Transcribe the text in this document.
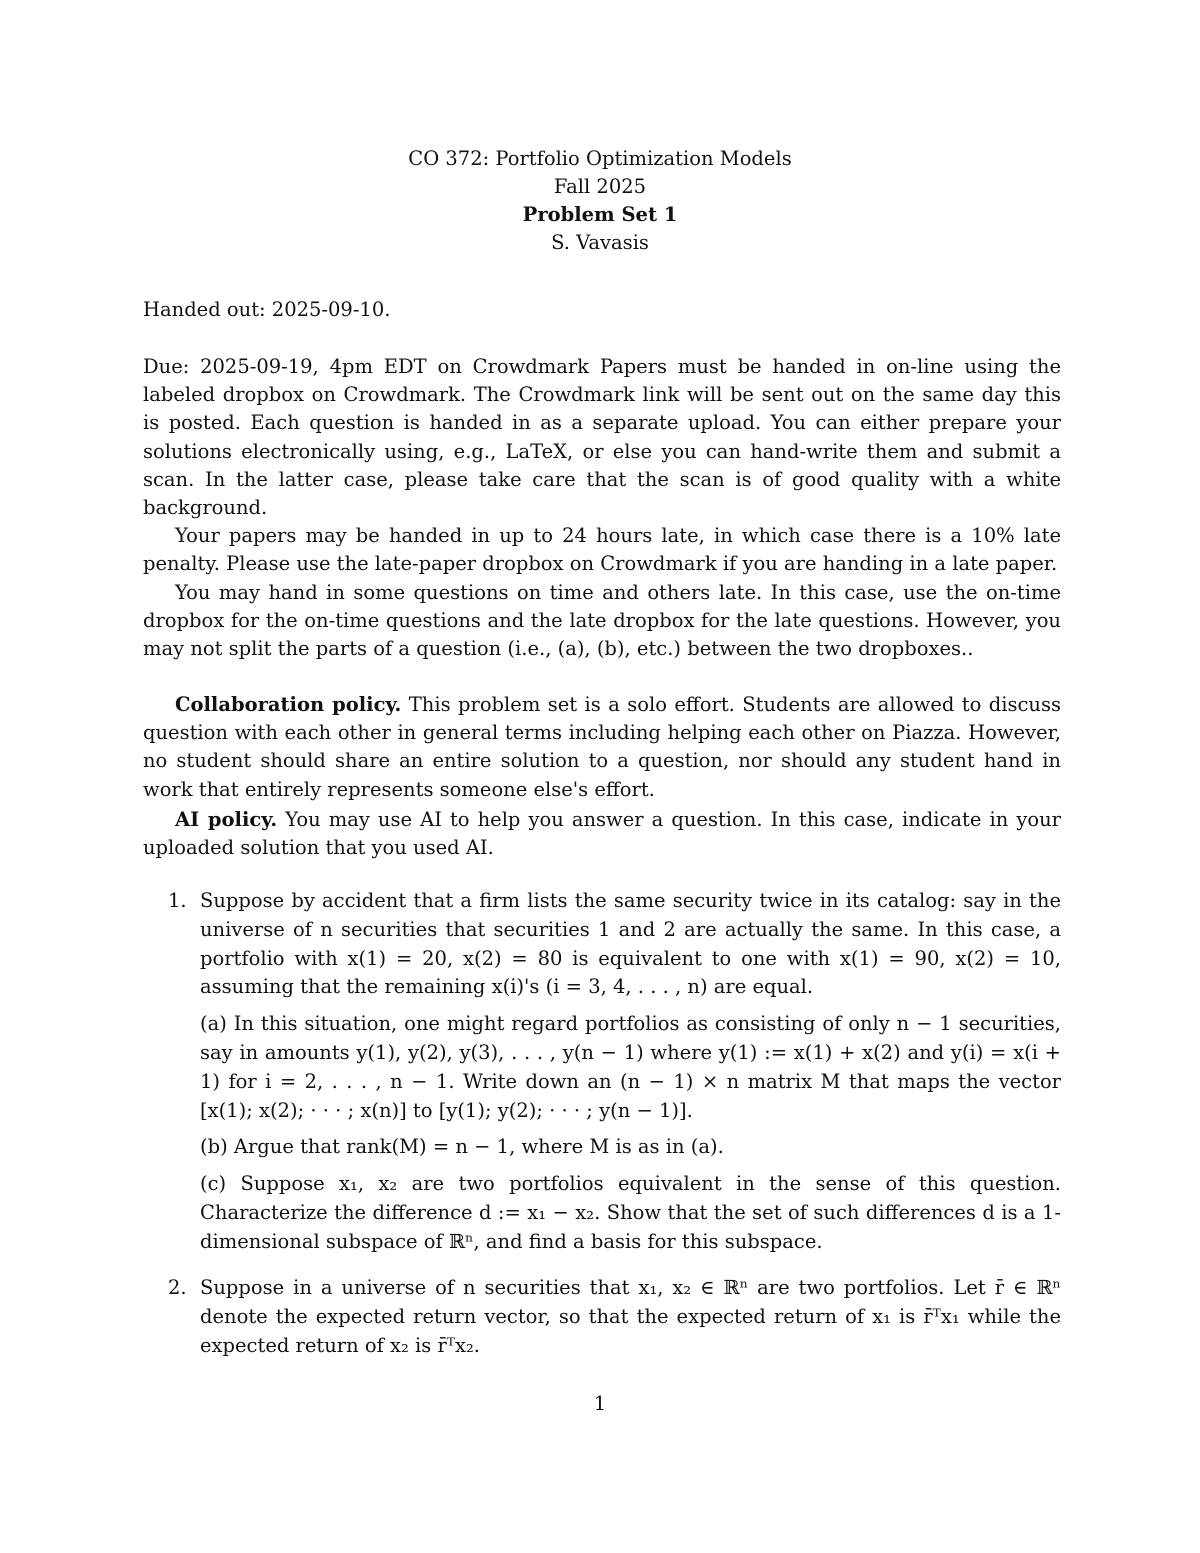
CO 372: Portfolio Optimization Models
Fall 2025
Problem Set 1
S. Vavasis

Handed out: 2025-09-10.

Due: 2025-09-19, 4pm EDT on Crowdmark Papers must be handed in on-line using the labeled dropbox on Crowdmark. The Crowdmark link will be sent out on the same day this is posted. Each question is handed in as a separate upload. You can either prepare your solutions electronically using, e.g., LaTeX, or else you can hand-write them and submit a scan. In the latter case, please take care that the scan is of good quality with a white background.

Your papers may be handed in up to 24 hours late, in which case there is a 10% late penalty. Please use the late-paper dropbox on Crowdmark if you are handing in a late paper.

You may hand in some questions on time and others late. In this case, use the on-time dropbox for the on-time questions and the late dropbox for the late questions. However, you may not split the parts of a question (i.e., (a), (b), etc.) between the two dropboxes..

Collaboration policy. This problem set is a solo effort. Students are allowed to discuss question with each other in general terms including helping each other on Piazza. However, no student should share an entire solution to a question, nor should any student hand in work that entirely represents someone else's effort.

AI policy. You may use AI to help you answer a question. In this case, indicate in your uploaded solution that you used AI.

1. Suppose by accident that a firm lists the same security twice in its catalog: say in the universe of n securities that securities 1 and 2 are actually the same. In this case, a portfolio with x(1) = 20, x(2) = 80 is equivalent to one with x(1) = 90, x(2) = 10, assuming that the remaining x(i)'s (i = 3, 4, . . . , n) are equal.
(a) In this situation, one might regard portfolios as consisting of only n − 1 securities, say in amounts y(1), y(2), y(3), . . . , y(n − 1) where y(1) := x(1) + x(2) and y(i) = x(i + 1) for i = 2, . . . , n − 1. Write down an (n − 1) × n matrix M that maps the vector [x(1); x(2); · · · ; x(n)] to [y(1); y(2); · · · ; y(n − 1)].
(b) Argue that rank(M) = n − 1, where M is as in (a).
(c) Suppose x₁, x₂ are two portfolios equivalent in the sense of this question. Characterize the difference d := x₁ − x₂. Show that the set of such differences d is a 1-dimensional subspace of ℝⁿ, and find a basis for this subspace.
2. Suppose in a universe of n securities that x₁, x₂ ∈ ℝⁿ are two portfolios. Let r̄ ∈ ℝⁿ denote the expected return vector, so that the expected return of x₁ is r̄ᵀx₁ while the expected return of x₂ is r̄ᵀx₂.
1
